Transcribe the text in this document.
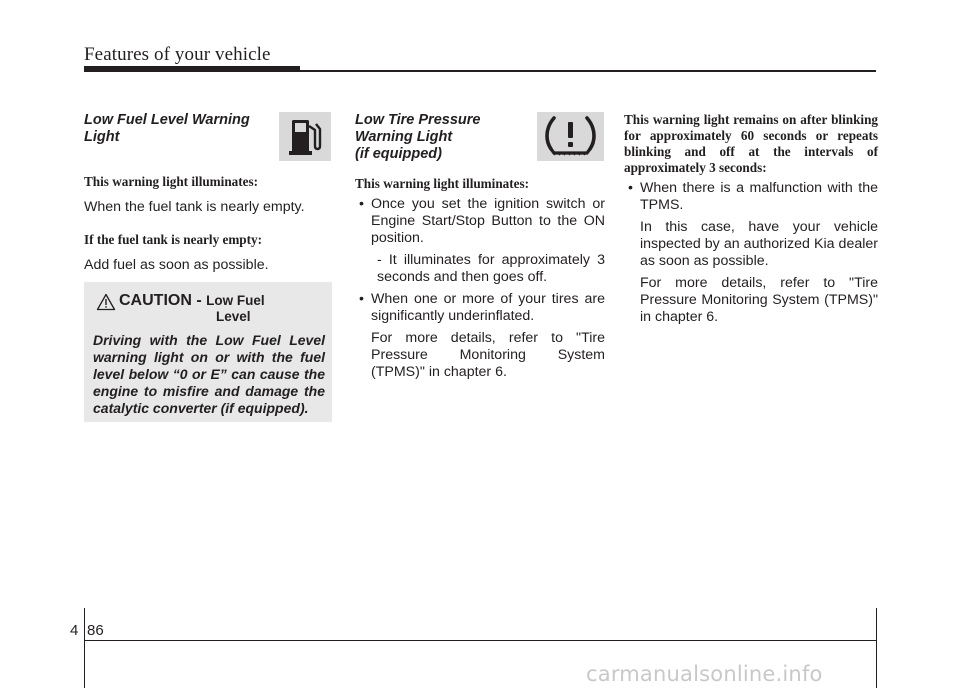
Features of your vehicle
Low Fuel Level Warning Light
This warning light illuminates:
When the fuel tank is nearly empty.
If the fuel tank is nearly empty:
Add fuel as soon as possible.
CAUTION - Low Fuel
Level
Driving with the Low Fuel Level warning light on or with the fuel level below “0 or E” can cause the engine to misfire and damage the catalytic converter (if equipped).
Low Tire Pressure
Warning Light
(if equipped)
This warning light illuminates:
• Once you set the ignition switch or Engine Start/Stop Button to the ON position.
- It illuminates for approximately 3 seconds and then goes off.
• When one or more of your tires are significantly underinflated.
For more details, refer to "Tire Pressure Monitoring System (TPMS)" in chapter 6.
This warning light remains on after blinking for approximately 60 seconds or repeats blinking and off at the intervals of approximately 3 seconds:
• When there is a malfunction with the TPMS.
In this case, have your vehicle inspected by an authorized Kia dealer as soon as possible.
For more details, refer to "Tire Pressure Monitoring System (TPMS)" in chapter 6.
4 86
carmanualsonline.info
